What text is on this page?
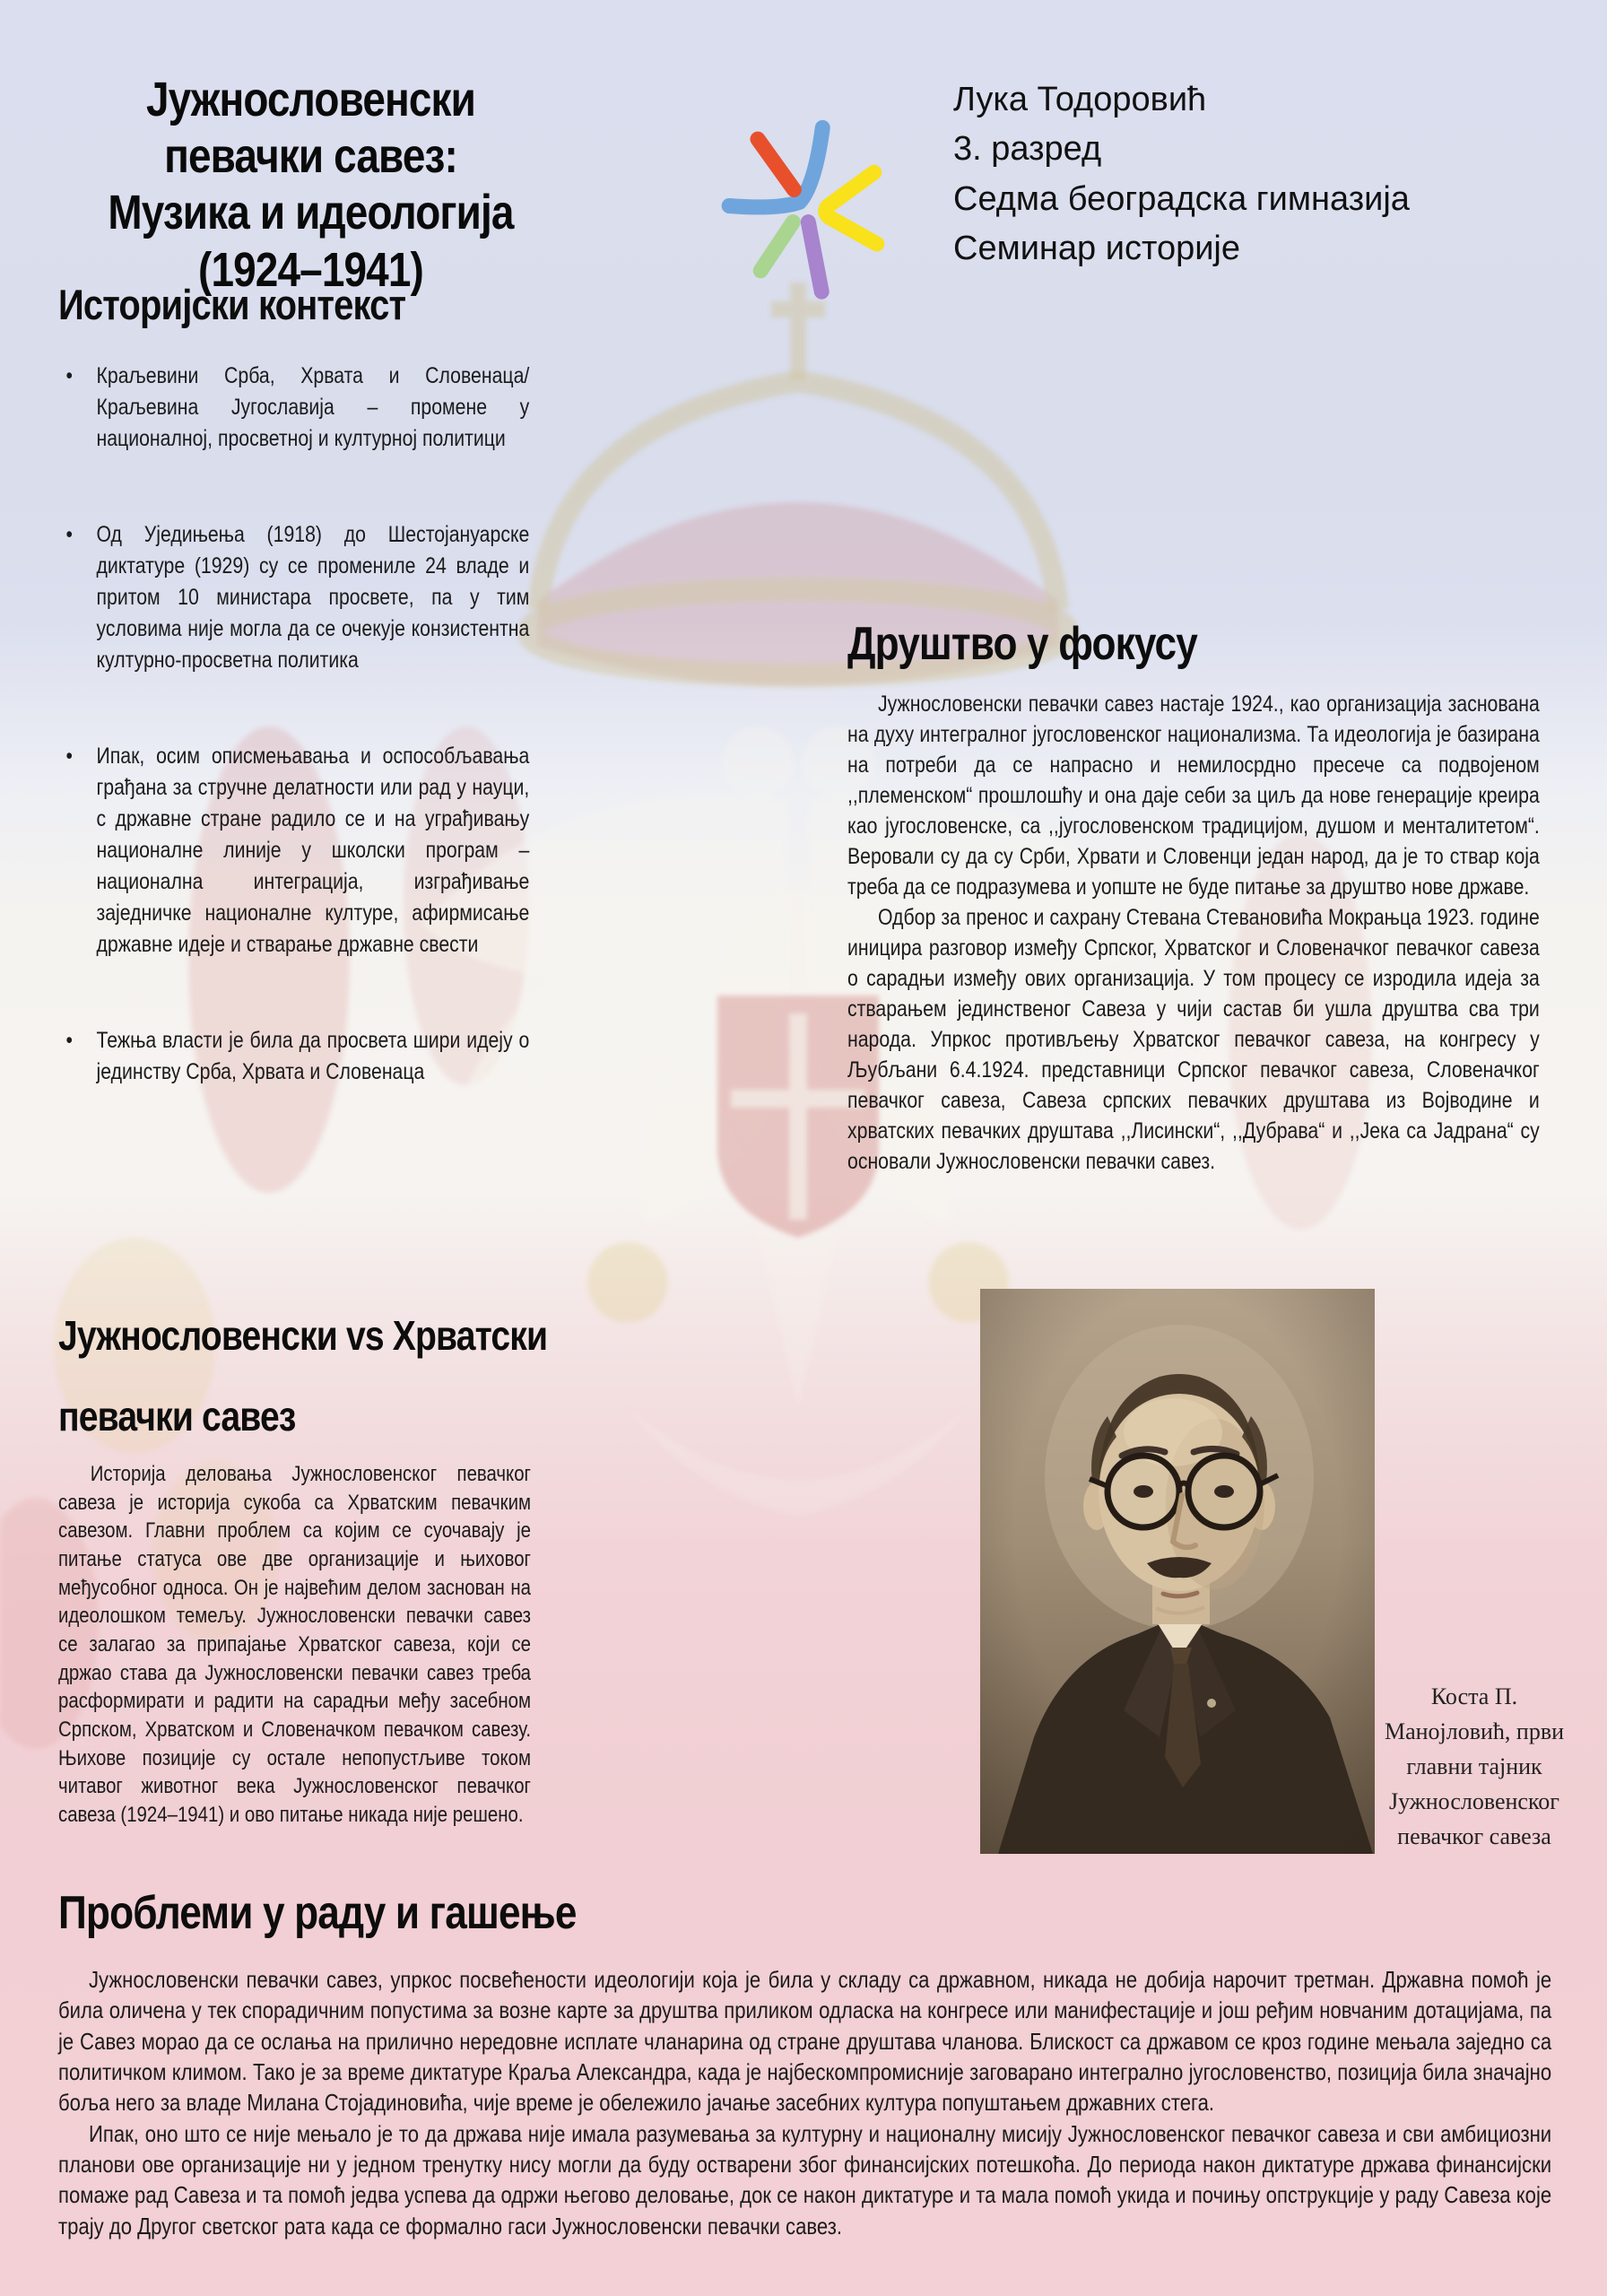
Јужнословенски
певачки савез:
Музика и идеологија
(1924–1941)
Лука Тодоровић
3. разред
Седма београдска гимназија
Семинар историје
Историјски контекст
• Краљевини Срба, Хрвата и Словенаца/Краљевина Југославија – промене у националној, просветној и културној политици
• Од Уједињења (1918) до Шестојануарске диктатуре (1929) су се промениле 24 владе и притом 10 министара просвете, па у тим условима није могла да се очекује конзистентна културно-просветна политика
• Ипак, осим описмењавања и оспособљавања грађана за стручне делатности или рад у науци, с државне стране радило се и на уграђивању националне линије у школски програм – национална интеграција, изграђивање заједничке националне културе, афирмисање државне идеје и стварање државне свести
• Тежња власти је била да просвета шири идеју о јединству Срба, Хрвата и Словенаца
Друштво у фокусу

Јужнословенски певачки савез настаје 1924., као организација заснована на духу интегралног југословенског национализма. Та идеологија је базирана на потреби да се напрасно и немилосрдно пресече са подвојеном ,,племенском“ прошлошћу и она даје себи за циљ да нове генерације креира као југословенске, са ,,југословенском традицијом, душом и менталитетом“. Веровали су да су Срби, Хрвати и Словенци један народ, да је то ствар која треба да се подразумева и уопште не буде питање за друштво нове државе.

Одбор за пренос и сахрану Стевана Стевановића Мокрањца 1923. године иницира разговор између Српског, Хрватског и Словеначког певачког савеза о сарадњи између ових организација. У том процесу се изродила идеја за стварањем јединственог Савеза у чији састав би ушла друштва сва три народа. Упркос противљењу Хрватског певачког савеза, на конгресу у Љубљани 6.4.1924. представници Српског певачког савеза, Словеначког певачког савеза, Савеза српских певачких друштава из Војводине и хрватских певачких друштава ,,Лисински“, ,,Дубрава“ и ,,Јека са Јадрана“ су основали Јужнословенски певачки савез.

Јужнословенски vs Хрватски
певачки савез

Историја деловања Јужнословенског певачког савеза је историја сукоба са Хрватским певачким савезом. Главни проблем са којим се суочавају је питање статуса ове две организације и њиховог међусобног односа. Он је највећим делом заснован на идеолошком темељу. Јужнословенски певачки савез се залагао за припајање Хрватског савеза, који се држао става да Јужнословенски певачки савез треба расформирати и радити на сарадњи међу засебном Српском, Хрватском и Словеначком певачком савезу. Њихове позиције су остале непопустљиве током читавог животног века Јужнословенског певачког савеза (1924–1941) и ово питање никада није решено.

Коста П. Манојловић, први главни тајник Јужнословенског певачког савеза
Проблеми у раду и гашење

Јужнословенски певачки савез, упркос посвећености идеологији која је била у складу са државном, никада не добија нарочит третман. Државна помоћ је била оличена у тек спорадичним попустима за возне карте за друштва приликом одласка на конгресе или манифестације и још ређим новчаним дотацијама, па је Савез морао да се ослања на прилично нередовне исплате чланарина од стране друштава чланова. Блискост са државом се кроз године мењала заједно са политичком климом. Тако је за време диктатуре Краља Александра, када је најбескомпромисније заговарано интегрално југословенство, позиција била значајно боља него за владе Милана Стојадиновића, чије време је обележило јачање засебних култура попуштањем државних стега.

Ипак, оно што се није мењало је то да држава није имала разумевања за културну и националну мисију Јужнословенског певачког савеза и сви амбициозни планови ове организације ни у једном тренутку нису могли да буду остварени због финансијских потешкоћа. До периода након диктатуре држава финансијски помаже рад Савеза и та помоћ једва успева да одржи његово деловање, док се након диктатуре и та мала помоћ укида и почињу опструкције у раду Савеза које трају до Другог светског рата када се формално гаси Јужнословенски певачки савез.
